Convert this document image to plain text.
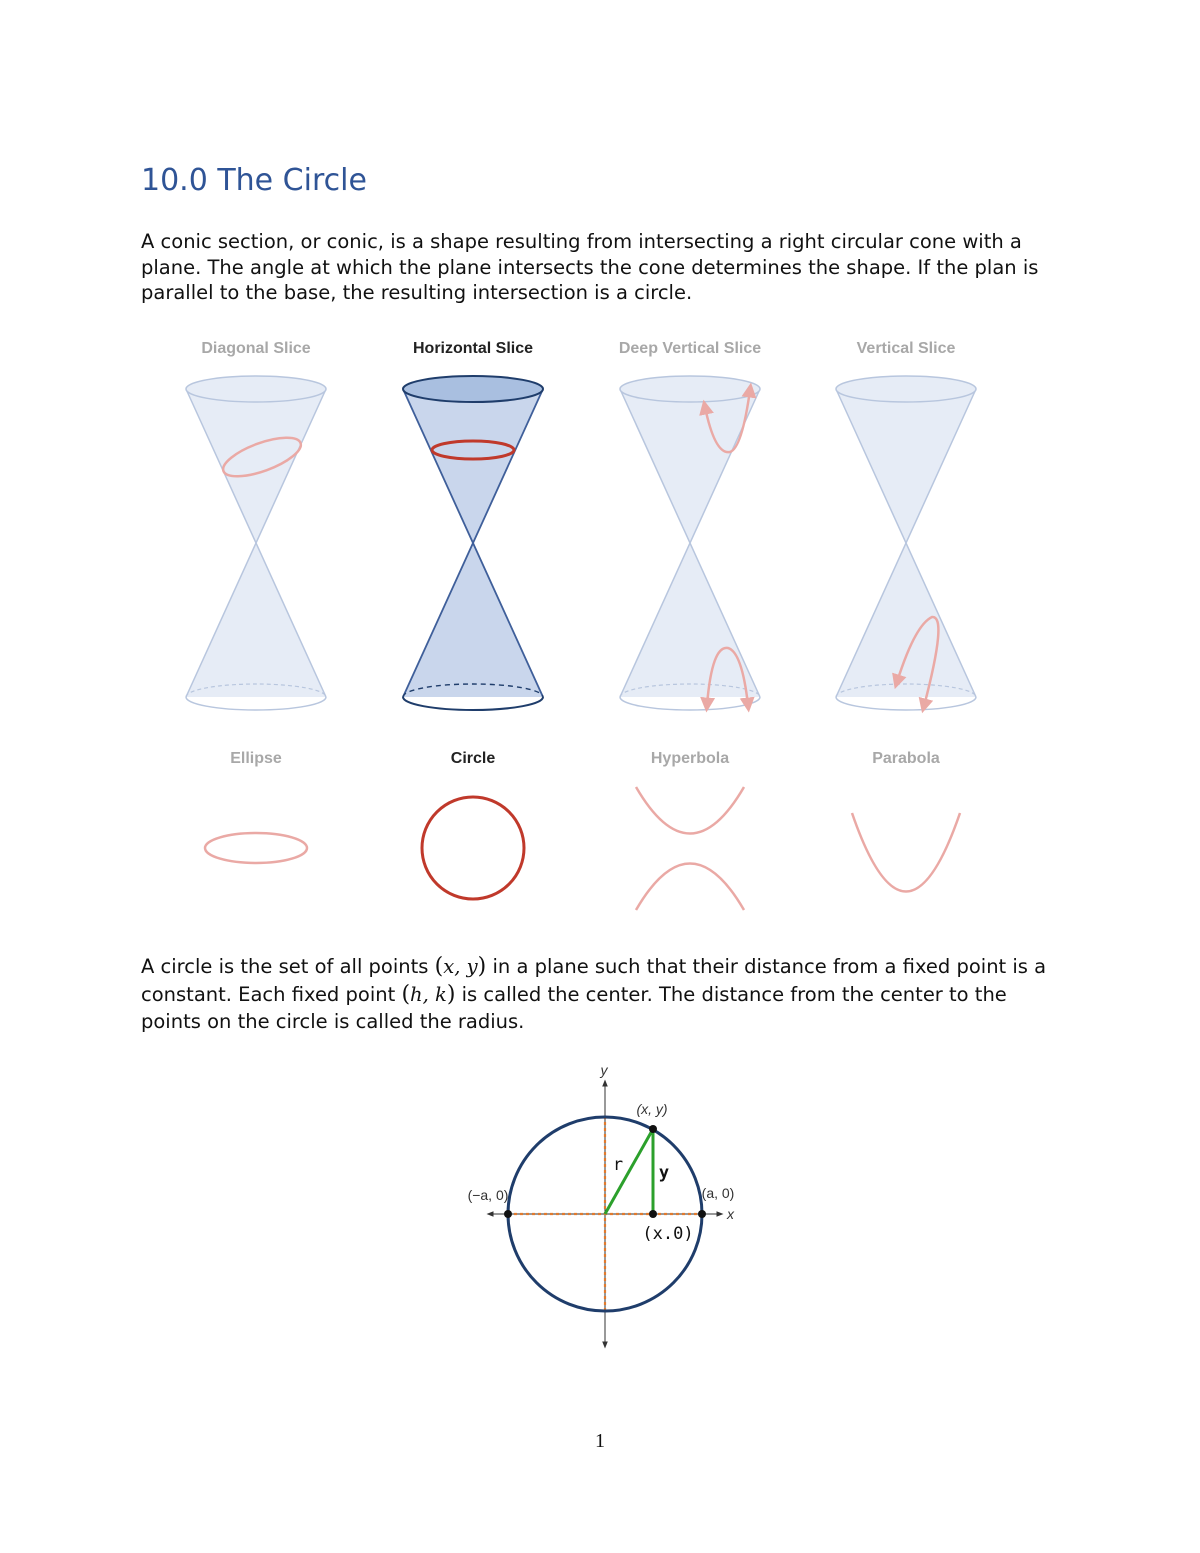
10.0 The Circle

A conic section, or conic, is a shape resulting from intersecting a right circular cone with a plane. The angle at which the plane intersects the cone determines the shape. If the plan is parallel to the base, the resulting intersection is a circle.

Diagonal Slice	Horizontal Slice	Deep Vertical Slice	Vertical Slice
Ellipse	Circle	Hyperbola	Parabola

A circle is the set of all points (x, y) in a plane such that their distance from a fixed point is a constant. Each fixed point (h, k) is called the center. The distance from the center to the points on the circle is called the radius.

y
x
(x, y)
(−a, 0)	(a, 0)
(x.0)
r y
1
